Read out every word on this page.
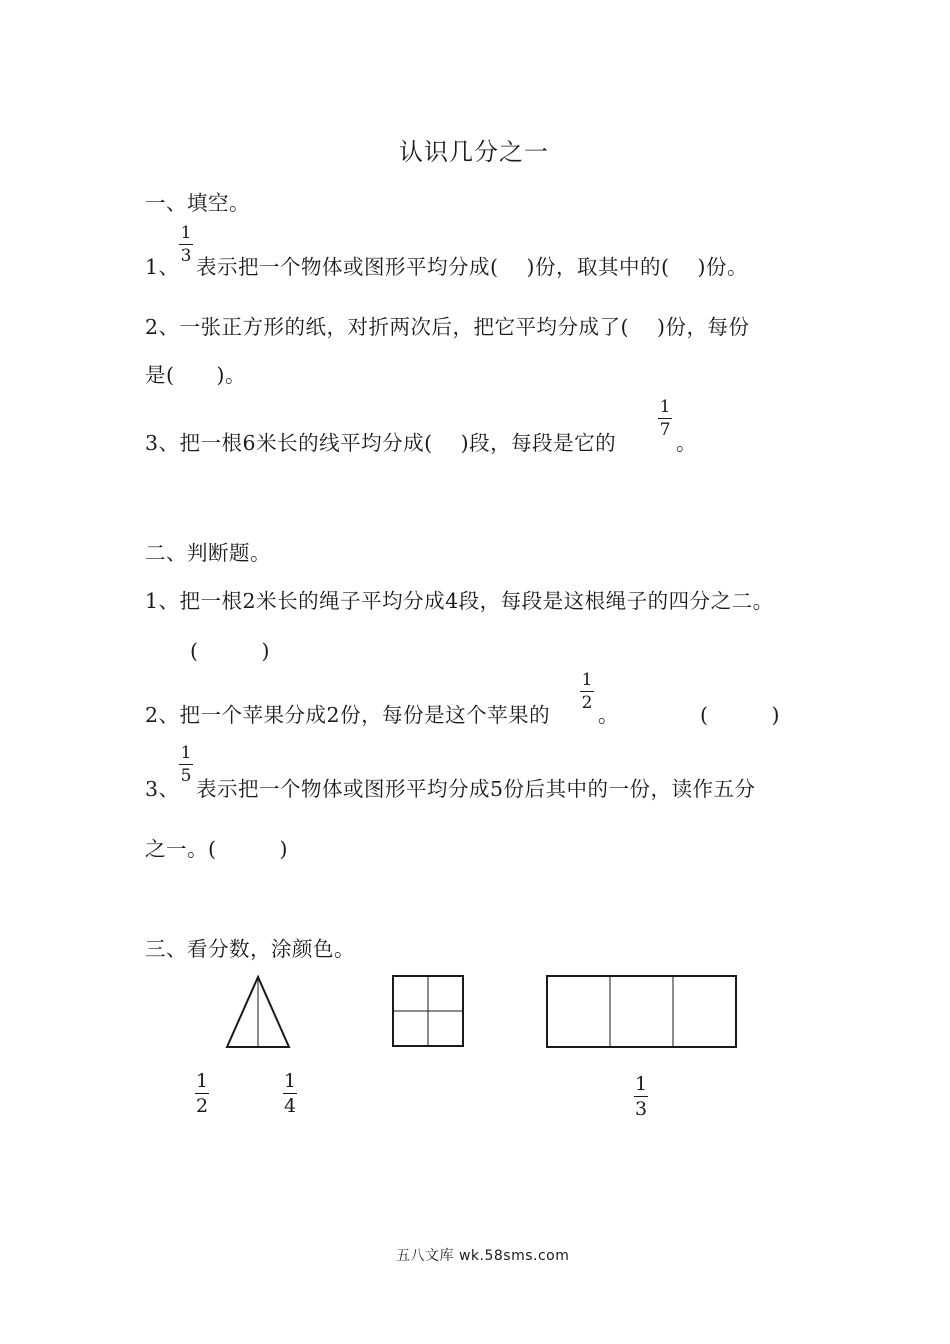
认识几分之一
一、填空。
1、
1
3 表示把一个物体或图形平均分成(　 )份，取其中的(　 )份。
2、一张正方形的纸，对折两次后，把它平均分成了(　 )份，每份
是(　　)。
3、把一根6米长的线平均分成(　 )段，每段是它的
1
7
。
二、判断题。
1、把一根2米长的绳子平均分成4段，每段是这根绳子的四分之二。
(　　　)
2、把一个苹果分成2份，每份是这个苹果的
1
2 。	(　　　)
3、
1
5
表示把一个物体或图形平均分成5份后其中的一份，读作五分
之一。(　　　)
三、看分数，涂颜色。
1
2
1
4
1
3
五八文库 wk.58sms.com
